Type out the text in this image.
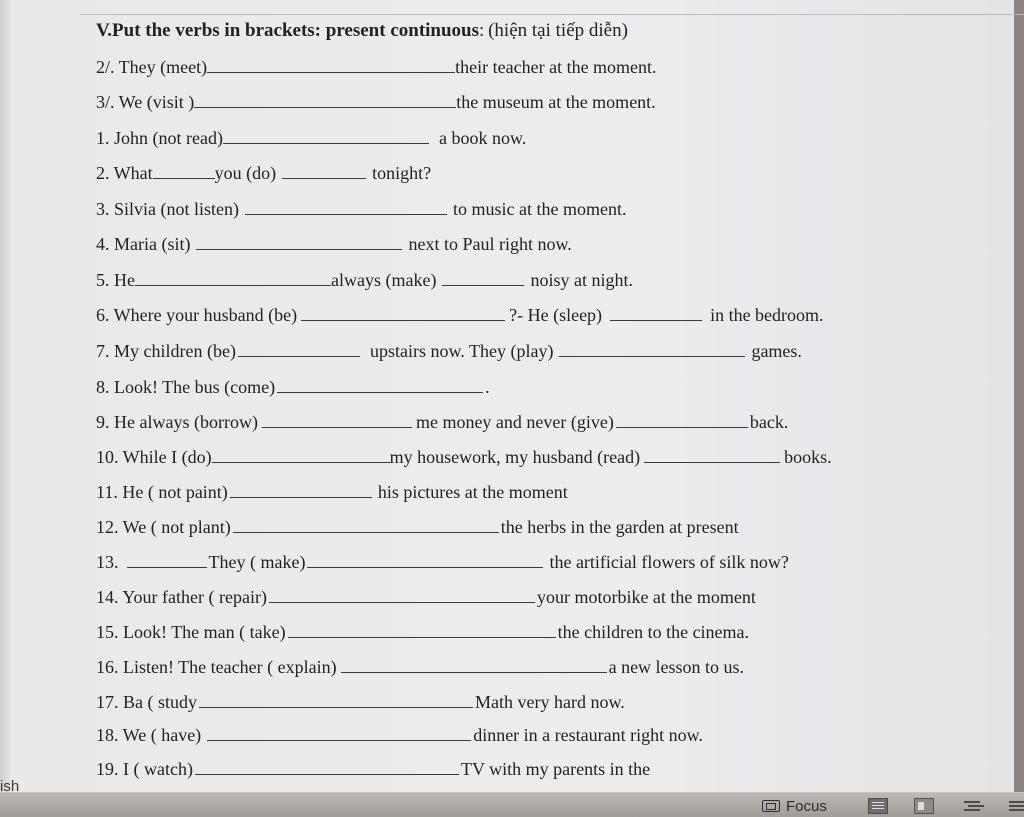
V.Put the verbs in brackets: present continuous: (hiện tại tiếp diễn)
2/. They (meet)	their teacher at the moment.
3/. We (visit )	the museum at the moment.
1. John (not read)	a book now.
2. What	you (do)	tonight?
3. Silvia (not listen)	to music at the moment.
4. Maria (sit)	next to Paul right now.
5. He	always (make)	noisy at night.
6. Where your husband (be)	?- He (sleep)	in the bedroom.
7. My children (be)	upstairs now. They (play)	games.
8. Look! The bus (come)	.
9. He always (borrow)	me money and never (give)	back.
10. While I (do)	my housework, my husband (read)	books.
11. He ( not paint)	his pictures at the moment
12. We ( not plant)	the herbs in the garden at present
13.	They ( make)	the artificial flowers of silk now?
14. Your father ( repair)	your motorbike at the moment
15. Look! The man ( take)	the children to the cinema.
16. Listen! The teacher ( explain)	a new lesson to us.
17. Ba ( study	Math very hard now.
18. We ( have)	dinner in a restaurant right now.
19. I ( watch)	TV with my parents in the
ish
Focus
